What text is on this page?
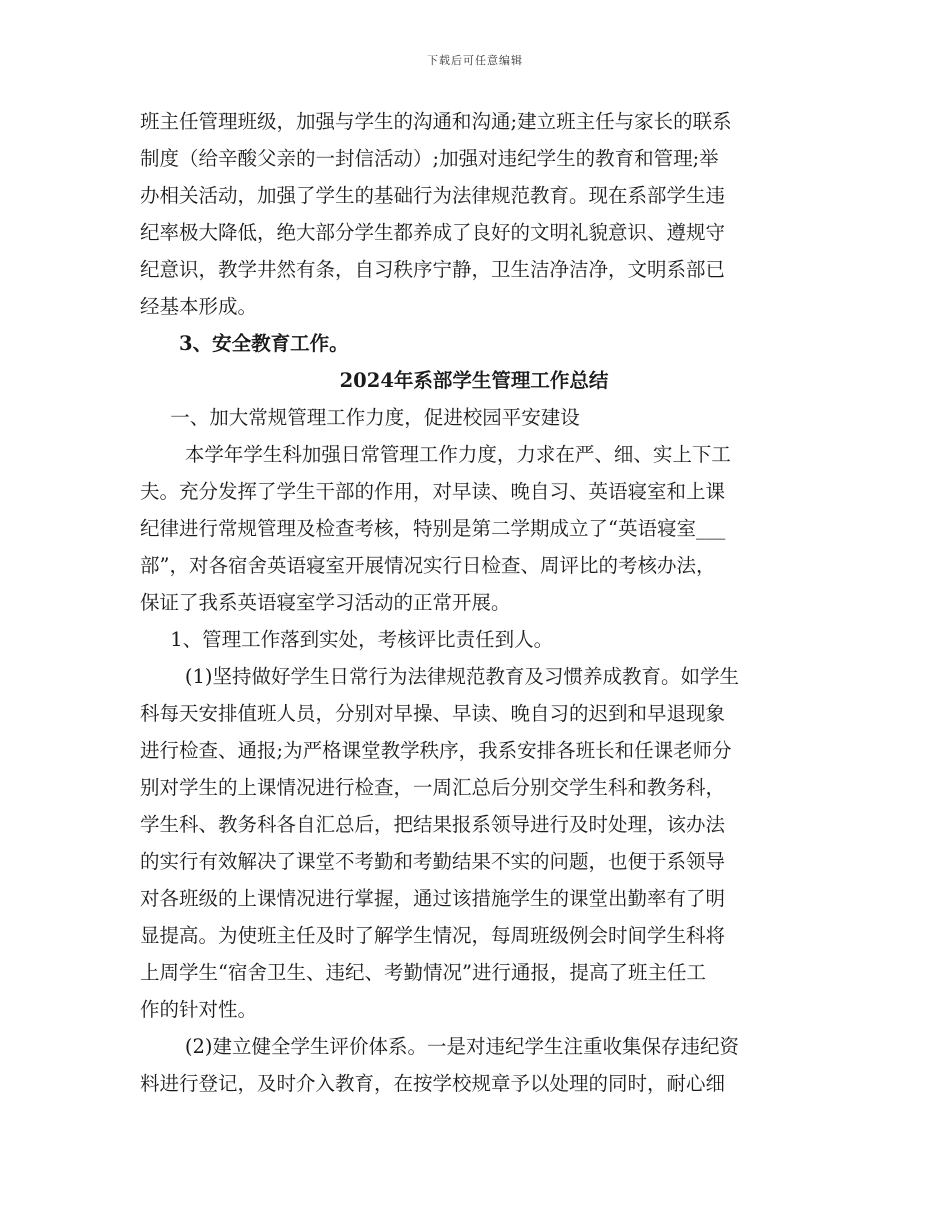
下载后可任意编辑

班主任管理班级，加强与学生的沟通和沟通;建立班主任与家长的联系
制度（给辛酸父亲的一封信活动）;加强对违纪学生的教育和管理;举
办相关活动，加强了学生的基础行为法律规范教育。现在系部学生违
纪率极大降低，绝大部分学生都养成了良好的文明礼貌意识、遵规守
纪意识，教学井然有条，自习秩序宁静，卫生洁净洁净，文明系部已
经基本形成。

3、安全教育工作。

2024年系部学生管理工作总结

一、加大常规管理工作力度，促进校园平安建设

本学年学生科加强日常管理工作力度，力求在严、细、实上下工
夫。充分发挥了学生干部的作用，对早读、晚自习、英语寝室和上课
纪律进行常规管理及检查考核，特别是第二学期成立了“英语寝室___
部”，对各宿舍英语寝室开展情况实行日检查、周评比的考核办法，
保证了我系英语寝室学习活动的正常开展。

1、管理工作落到实处，考核评比责任到人。

(1)坚持做好学生日常行为法律规范教育及习惯养成教育。如学生
科每天安排值班人员，分别对早操、早读、晚自习的迟到和早退现象
进行检查、通报;为严格课堂教学秩序，我系安排各班长和任课老师分
别对学生的上课情况进行检查，一周汇总后分别交学生科和教务科，
学生科、教务科各自汇总后，把结果报系领导进行及时处理，该办法
的实行有效解决了课堂不考勤和考勤结果不实的问题，也便于系领导
对各班级的上课情况进行掌握，通过该措施学生的课堂出勤率有了明
显提高。为使班主任及时了解学生情况，每周班级例会时间学生科将
上周学生“宿舍卫生、违纪、考勤情况”进行通报，提高了班主任工
作的针对性。

(2)建立健全学生评价体系。一是对违纪学生注重收集保存违纪资
料进行登记，及时介入教育，在按学校规章予以处理的同时，耐心细
